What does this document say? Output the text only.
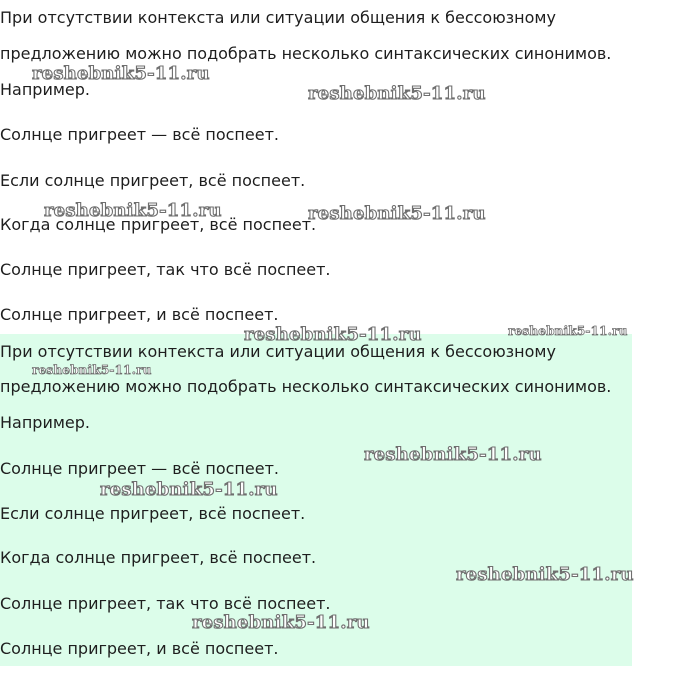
При отсутствии контекста или ситуации общения к бессоюзному
предложению можно подобрать несколько синтаксических синонимов.
Например.
Солнце пригреет — всё поспеет.
Если солнце пригреет, всё поспеет.
Когда солнце пригреет, всё поспеет.
Солнце пригреет, так что всё поспеет.
Солнце пригреет, и всё поспеет.
При отсутствии контекста или ситуации общения к бессоюзному
предложению можно подобрать несколько синтаксических синонимов.
Например.
Солнце пригреет — всё поспеет.
Если солнце пригреет, всё поспеет.
Когда солнце пригреет, всё поспеет.
Солнце пригреет, так что всё поспеет.
Солнце пригреет, и всё поспеет.
reshebnik5-11.ru
reshebnik5-11.ru
reshebnik5-11.ru	reshebnik5-11.ru
reshebnik5-11.ru	reshebnik5-11.ru
reshebnik5-11.ru
reshebnik5-11.ru
reshebnik5-11.ru
reshebnik5-11.ru
reshebnik5-11.ru
